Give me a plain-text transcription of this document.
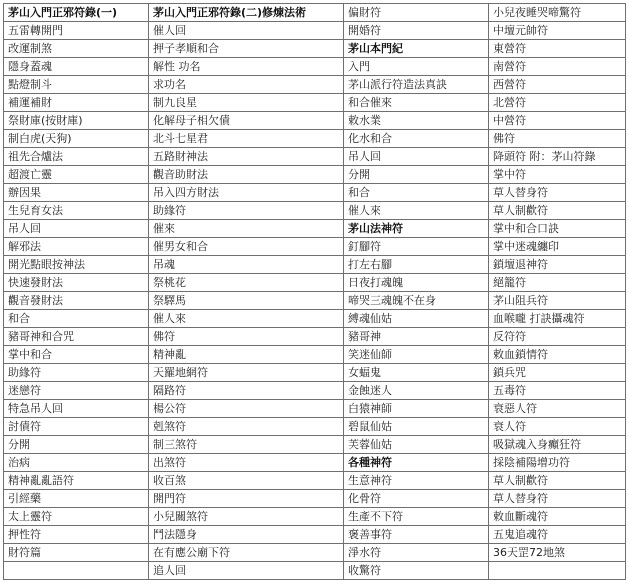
茅山入門正邪符錄(一)	茅山入門正邪符錄(二)修煉法術	偏財符	小兒夜睡哭啼驚符
五雷轉開門	催人回	開婚符	中壇元帥符
改運制煞	押子孝順和合	茅山本門紀	東營符
隱身蓋魂	解性 功名	入門	南營符
點燈制斗	求功名	茅山派行符造法真訣	西營符
補運補財	制九良星	和合催來	北營符
祭財庫(按財庫)	化解母子相欠債	敕水業	中營符
制白虎(天狗)	北斗七星君	化水和合	佛符
祖先合爐法	五路財神法	吊人回	降頭符 附：茅山符錄
超渡亡靈	觀音助財法	分開	掌中符
辦因果	吊入四方財法	和合	草人替身符
生兒育女法	助緣符	催人來	草人制歡符
吊人回	催來	茅山法神符	掌中和合口訣
解邪法	催男女和合	釘腳符	掌中迷魂纏印
開光點眼按神法	吊魂	打左右腳	鎖壇退神符
快速發財法	祭桃花	日夜打魂魄	絕籠符
觀音發財法	祭驛馬	啼哭三魂魄不在身	茅山阻兵符
和合	催人來	縛魂仙姑	血喉嚨 打訣攝魂符
豬哥神和合咒	佛符	豬哥神	反符符
掌中和合	精神亂	笑迷仙師	敕血鎖情符
助緣符	天羅地網符	女蝠鬼	鎖兵咒
迷戀符	隔路符	金蝕迷人	五毒符
特急吊人回	楊公符	白猿神師	衰惡人符
討債符	剋煞符	碧鼠仙姑	衰人符
分開	制三煞符	芙蓉仙姑	吸獄魂入身癲狂符
治病	出煞符	各種神符	採陰補陽增功符
精神亂亂語符	收百煞	生意神符	草人制歡符
引經藥	開門符	化骨符	草人替身符
太上靈符	小兒關煞符	生產不下符	敕血斷魂符
押性符	鬥法隱身	褒善事符	五鬼追魂符
財符篇	在有應公廟下符	淨水符	36天罡72地煞
	追人回	收驚符	
